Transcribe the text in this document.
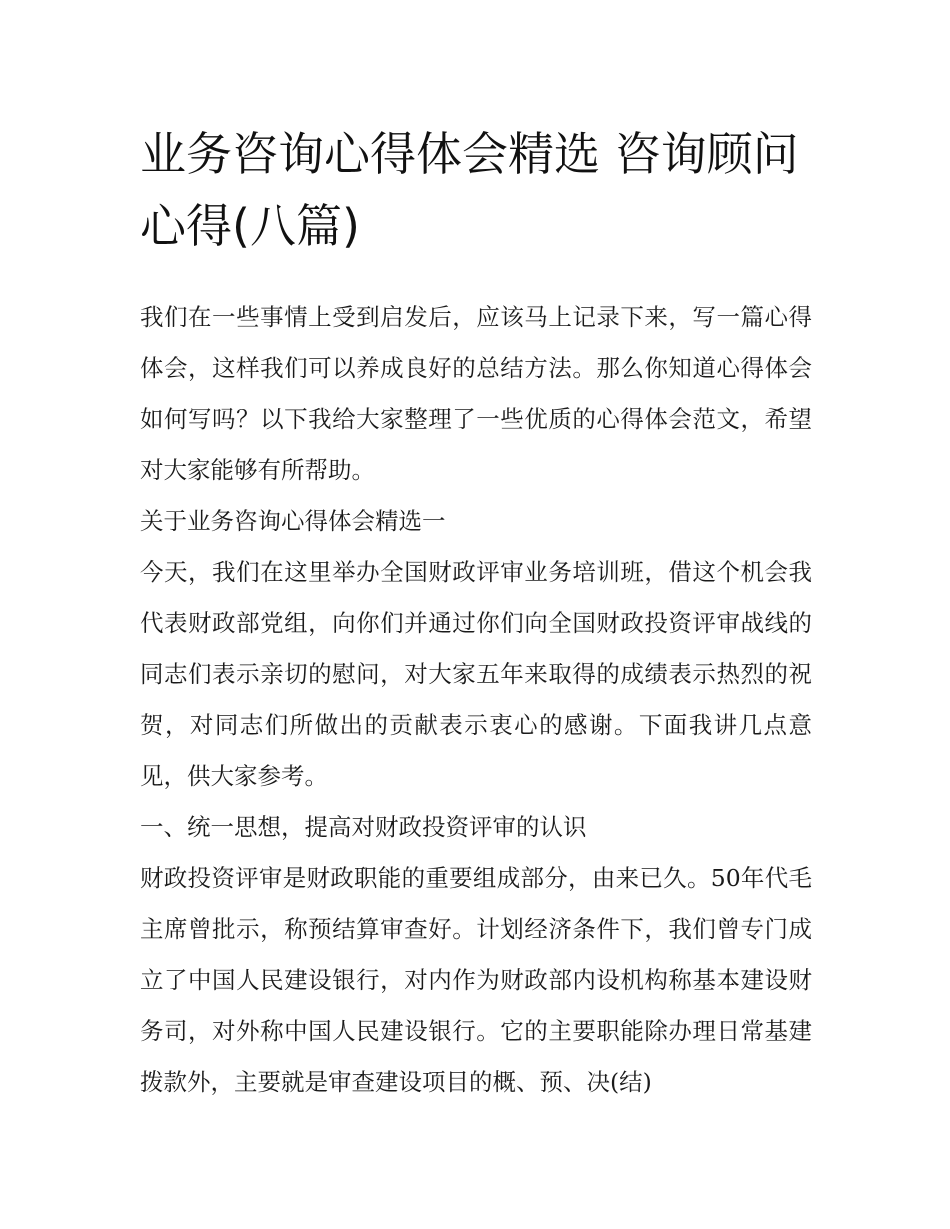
业务咨询心得体会精选 咨询顾问心得(八篇)

我们在一些事情上受到启发后，应该马上记录下来，写一篇心得体会，这样我们可以养成良好的总结方法。那么你知道心得体会如何写吗？以下我给大家整理了一些优质的心得体会范文，希望对大家能够有所帮助。

关于业务咨询心得体会精选一

今天，我们在这里举办全国财政评审业务培训班，借这个机会我代表财政部党组，向你们并通过你们向全国财政投资评审战线的同志们表示亲切的慰问，对大家五年来取得的成绩表示热烈的祝贺，对同志们所做出的贡献表示衷心的感谢。下面我讲几点意见，供大家参考。

一、统一思想，提高对财政投资评审的认识

财政投资评审是财政职能的重要组成部分，由来已久。50年代毛主席曾批示，称预结算审查好。计划经济条件下，我们曾专门成立了中国人民建设银行，对内作为财政部内设机构称基本建设财务司，对外称中国人民建设银行。它的主要职能除办理日常基建拨款外，主要就是审查建设项目的概、预、决(结)
